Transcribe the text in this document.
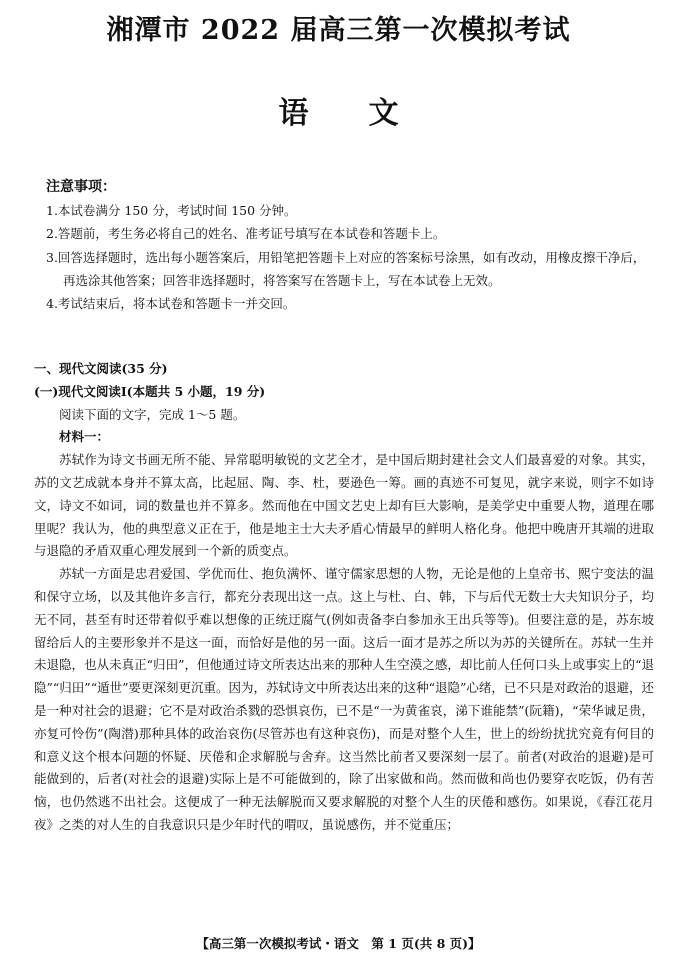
湘潭市 2022 届高三第一次模拟考试
语文

注意事项：

1.本试卷满分 150 分，考试时间 150 分钟。

2.答题前，考生务必将自己的姓名、准考证号填写在本试卷和答题卡上。

3.回答选择题时，选出每小题答案后，用铅笔把答题卡上对应的答案标号涂黑，如有改动，用橡皮擦干净后，再选涂其他答案；回答非选择题时，将答案写在答题卡上，写在本试卷上无效。

4.考试结束后，将本试卷和答题卡一并交回。

一、现代文阅读(35 分)

(一)现代文阅读Ⅰ(本题共 5 小题，19 分)

阅读下面的文字，完成 1～5 题。

材料一：

苏轼作为诗文书画无所不能、异常聪明敏锐的文艺全才，是中国后期封建社会文人们最喜爱的对象。其实，苏的文艺成就本身并不算太高，比起屈、陶、李、杜，要逊色一筹。画的真迹不可复见，就字来说，则字不如诗文，诗文不如词，词的数量也并不算多。然而他在中国文艺史上却有巨大影响，是美学史中重要人物，道理在哪里呢？我认为，他的典型意义正在于，他是地主士大夫矛盾心情最早的鲜明人格化身。他把中晚唐开其端的进取与退隐的矛盾双重心理发展到一个新的质变点。

苏轼一方面是忠君爱国、学优而仕、抱负满怀、谨守儒家思想的人物，无论是他的上皇帝书、熙宁变法的温和保守立场，以及其他许多言行，都充分表现出这一点。这上与杜、白、韩，下与后代无数士大夫知识分子，均无不同，甚至有时还带着似乎难以想像的正统迂腐气(例如责备李白参加永王出兵等等)。但要注意的是，苏东坡留给后人的主要形象并不是这一面，而恰好是他的另一面。这后一面才是苏之所以为苏的关键所在。苏轼一生并未退隐，也从未真正“归田”，但他通过诗文所表达出来的那种人生空漠之感，却比前人任何口头上或事实上的“退隐”“归田”“遁世”要更深刻更沉重。因为，苏轼诗文中所表达出来的这种“退隐”心绪，已不只是对政治的退避，还是一种对社会的退避；它不是对政治杀戮的恐惧哀伤，已不是“一为黄雀哀，涕下谁能禁”(阮籍)，“荣华诚足贵，亦复可怜伤”(陶潜)那种具体的政治哀伤(尽管苏也有这种哀伤)，而是对整个人生，世上的纷纷扰扰究竟有何目的和意义这个根本问题的怀疑、厌倦和企求解脱与舍弃。这当然比前者又要深刻一层了。前者(对政治的退避)是可能做到的，后者(对社会的退避)实际上是不可能做到的，除了出家做和尚。然而做和尚也仍要穿衣吃饭，仍有苦恼，也仍然逃不出社会。这便成了一种无法解脱而又要求解脱的对整个人生的厌倦和感伤。如果说，《春江花月夜》之类的对人生的自我意识只是少年时代的喟叹，虽说感伤，并不觉重压；

【高三第一次模拟考试・语文　第 1 页(共 8 页)】
